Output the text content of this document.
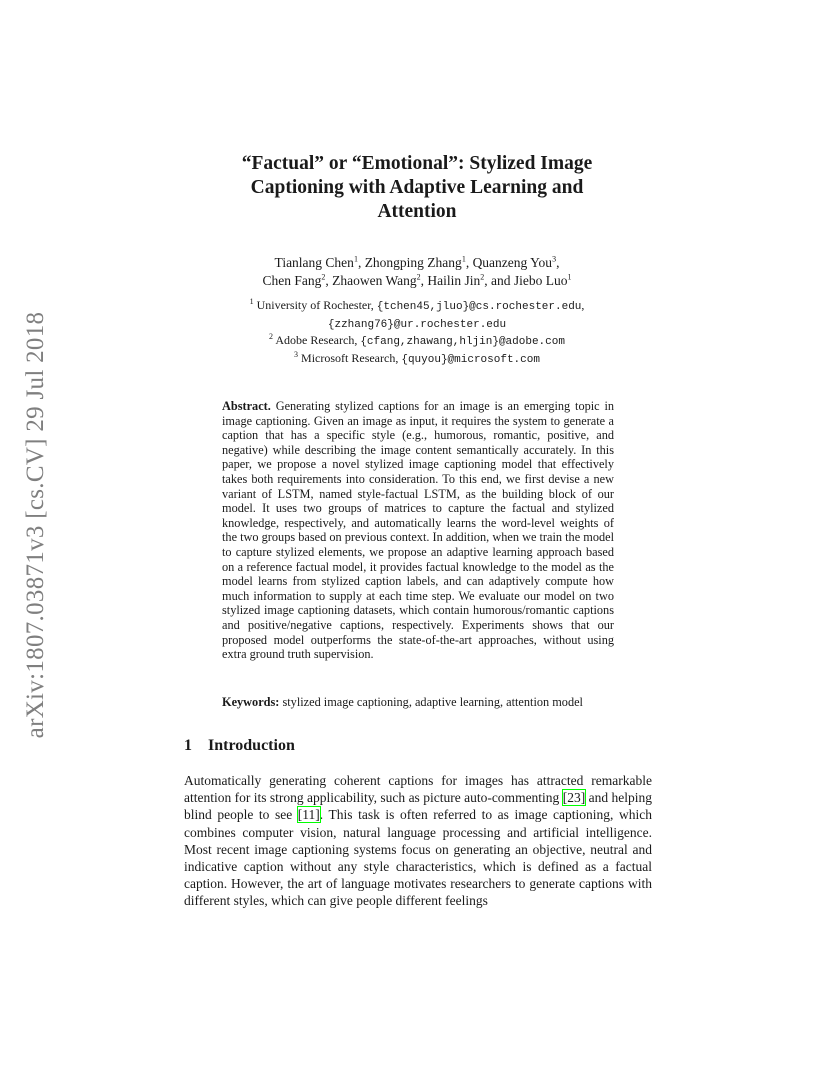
arXiv:1807.03871v3 [cs.CV] 29 Jul 2018
“Factual” or “Emotional”: Stylized Image
Captioning with Adaptive Learning and
Attention
Tianlang Chen$^1$, Zhongping Zhang$^1$, Quanzeng You$^3$,
Chen Fang$^2$, Zhaowen Wang$^2$, Hailin Jin$^2$, and Jiebo Luo$^1$
$^1$ University of Rochester, {tchen45,jluo}@cs.rochester.edu,
{zzhang76}@ur.rochester.edu
$^2$ Adobe Research, {cfang,zhawang,hljin}@adobe.com
$^3$ Microsoft Research, {quyou}@microsoft.com

Abstract. Generating stylized captions for an image is an emerging topic in image captioning. Given an image as input, it requires the system to generate a caption that has a specific style (e.g., humorous, romantic, positive, and negative) while describing the image content semantically accurately. In this paper, we propose a novel stylized image captioning model that effectively takes both requirements into consideration. To this end, we first devise a new variant of LSTM, named style-factual LSTM, as the building block of our model. It uses two groups of matrices to capture the factual and stylized knowledge, respectively, and automatically learns the word-level weights of the two groups based on previous context. In addition, when we train the model to capture stylized elements, we propose an adaptive learning approach based on a reference factual model, it provides factual knowledge to the model as the model learns from stylized caption labels, and can adaptively compute how much information to supply at each time step. We evaluate our model on two stylized image captioning datasets, which contain humorous/romantic captions and positive/negative captions, respectively. Experiments shows that our proposed model outperforms the state-of-the-art approaches, without using extra ground truth supervision.

Keywords: stylized image captioning, adaptive learning, attention model
1 Introduction

Automatically generating coherent captions for images has attracted remarkable attention for its strong applicability, such as picture auto-commenting [23] and helping blind people to see [11]. This task is often referred to as image captioning, which combines computer vision, natural language processing and artificial intelligence. Most recent image captioning systems focus on generating an objective, neutral and indicative caption without any style characteristics, which is defined as a factual caption. However, the art of language motivates researchers to generate captions with different styles, which can give people different feelings
